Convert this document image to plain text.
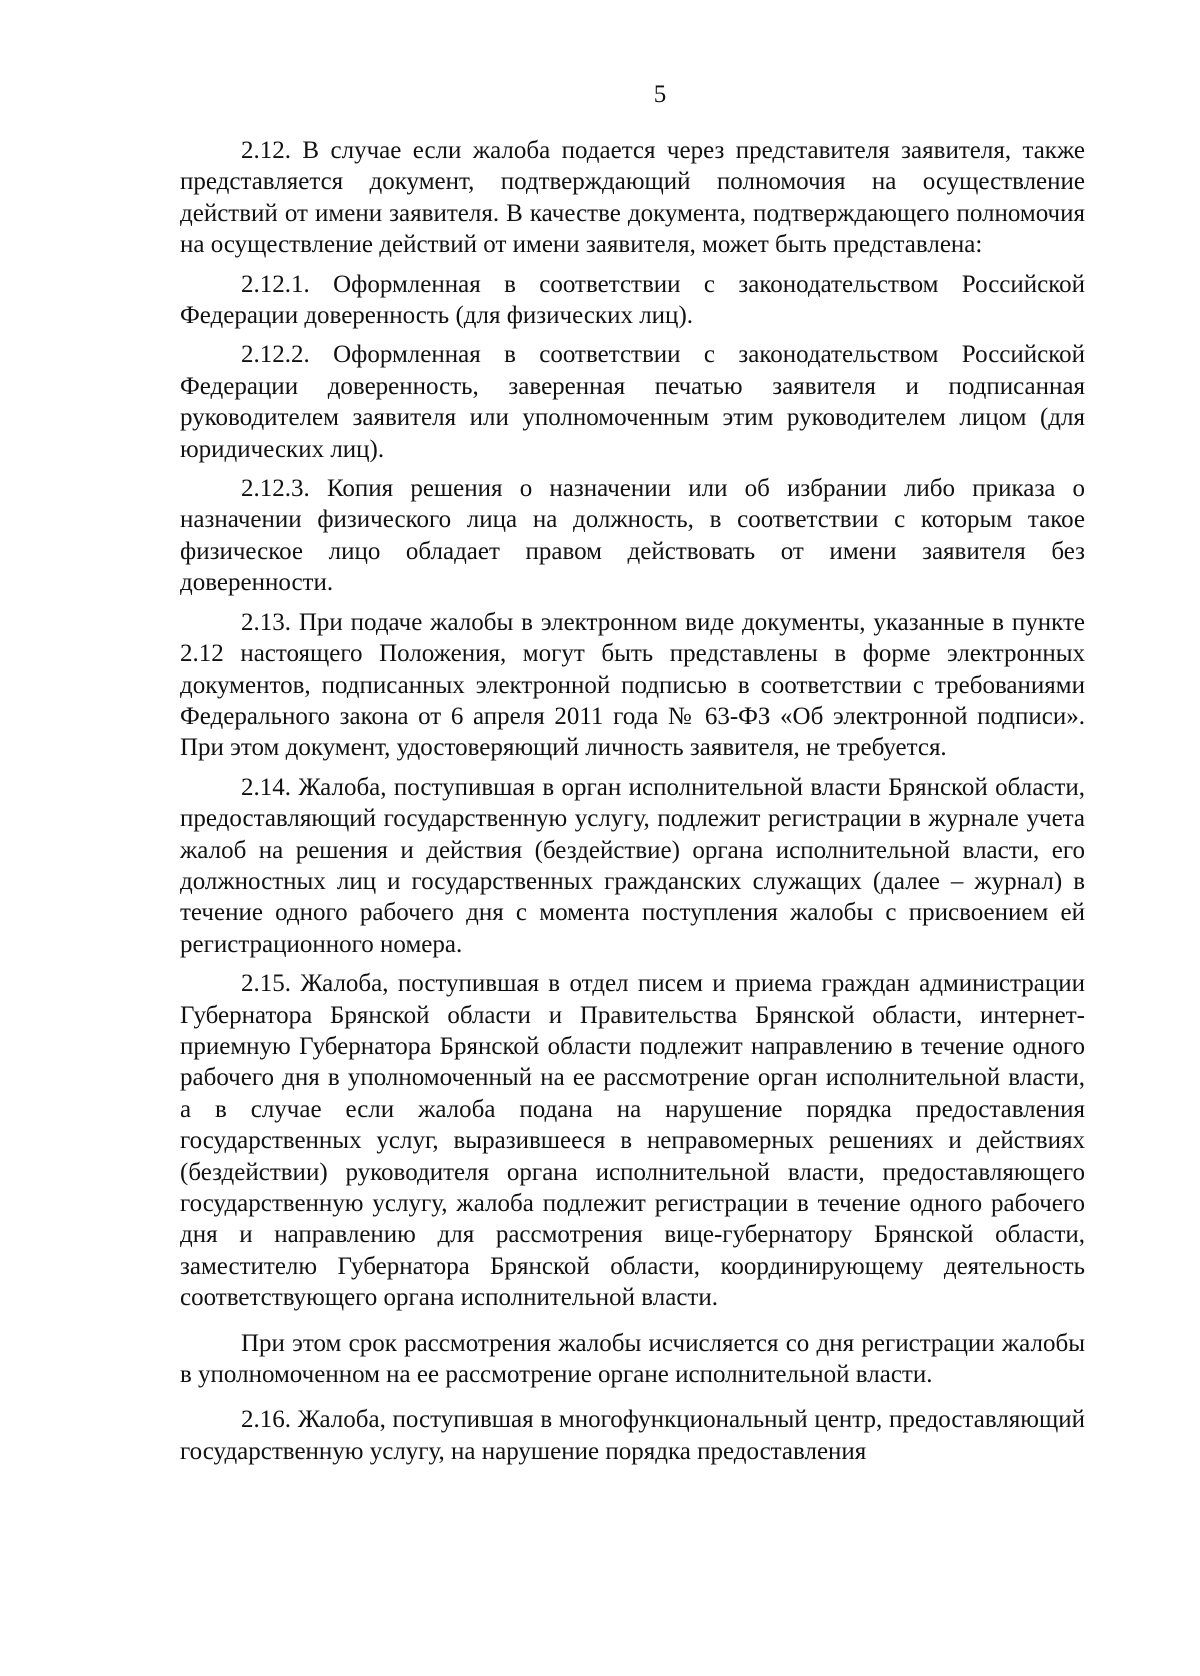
5

2.12. В случае если жалоба подается через представителя заявителя, также представляется документ, подтверждающий полномочия на осуществление действий от имени заявителя. В качестве документа, подтверждающего полномочия на осуществление действий от имени заявителя, может быть представлена:

2.12.1. Оформленная в соответствии с законодательством Российской Федерации доверенность (для физических лиц).

2.12.2. Оформленная в соответствии с законодательством Российской Федерации доверенность, заверенная печатью заявителя и подписанная руководителем заявителя или уполномоченным этим руководителем лицом (для юридических лиц).

2.12.3. Копия решения о назначении или об избрании либо приказа о назначении физического лица на должность, в соответствии с которым такое физическое лицо обладает правом действовать от имени заявителя без доверенности.

2.13. При подаче жалобы в электронном виде документы, указанные в пункте 2.12 настоящего Положения, могут быть представлены в форме электронных документов, подписанных электронной подписью в соответствии с требованиями Федерального закона от 6 апреля 2011 года № 63-ФЗ «Об электронной подписи». При этом документ, удостоверяющий личность заявителя, не требуется.

2.14. Жалоба, поступившая в орган исполнительной власти Брянской области, предоставляющий государственную услугу, подлежит регистрации в журнале учета жалоб на решения и действия (бездействие) органа исполнительной власти, его должностных лиц и государственных гражданских служащих (далее – журнал) в течение одного рабочего дня с момента поступления жалобы с присвоением ей регистрационного номера.

2.15. Жалоба, поступившая в отдел писем и приема граждан администрации Губернатора Брянской области и Правительства Брянской области, интернет-приемную Губернатора Брянской области подлежит направлению в течение одного рабочего дня в уполномоченный на ее рассмотрение орган исполнительной власти, а в случае если жалоба подана на нарушение порядка предоставления государственных услуг, выразившееся в неправомерных решениях и действиях (бездействии) руководителя органа исполнительной власти, предоставляющего государственную услугу, жалоба подлежит регистрации в течение одного рабочего дня и направлению для рассмотрения вице-губернатору Брянской области, заместителю Губернатора Брянской области, координирующему деятельность соответствующего органа исполнительной власти.

При этом срок рассмотрения жалобы исчисляется со дня регистрации жалобы в уполномоченном на ее рассмотрение органе исполнительной власти.

2.16. Жалоба, поступившая в многофункциональный центр, предоставляющий государственную услугу, на нарушение порядка предоставления
